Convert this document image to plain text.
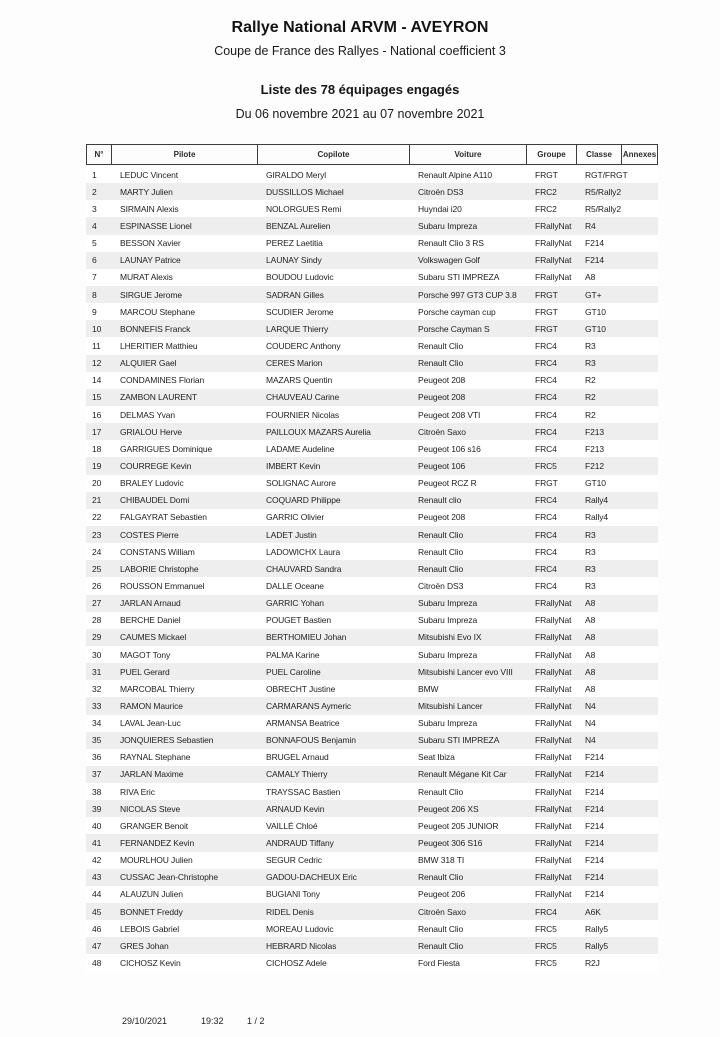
Rallye National ARVM - AVEYRON
Coupe de France des Rallyes - National coefficient 3
Liste des 78 équipages engagés
Du 06 novembre 2021 au 07 novembre 2021
N°	Pilote	Copilote	Voiture	Groupe	Classe	Annexes
1	LEDUC Vincent	GIRALDO Meryl	Renault Alpine A110	FRGT	RGT/FRGT
2	MARTY Julien	DUSSILLOS Michael	Citroën DS3	FRC2	R5/Rally2
3	SIRMAIN Alexis	NOLORGUES Remi	Huyndai i20	FRC2	R5/Rally2
4	ESPINASSE Lionel	BENZAL Aurelien	Subaru Impreza	FRallyNat	R4
5	BESSON Xavier	PEREZ Laetitia	Renault Clio 3 RS	FRallyNat	F214
6	LAUNAY Patrice	LAUNAY Sindy	Volkswagen Golf	FRallyNat	F214
7	MURAT Alexis	BOUDOU Ludovic	Subaru STI IMPREZA	FRallyNat	A8
8	SIRGUE Jerome	SADRAN Gilles	Porsche 997 GT3 CUP 3.8	FRGT	GT+
9	MARCOU Stephane	SCUDIER Jerome	Porsche cayman cup	FRGT	GT10
10	BONNEFIS Franck	LARQUE Thierry	Porsche Cayman S	FRGT	GT10
11	LHERITIER Matthieu	COUDERC Anthony	Renault Clio	FRC4	R3
12	ALQUIER Gael	CERES Marion	Renault Clio	FRC4	R3
14	CONDAMINES Florian	MAZARS Quentin	Peugeot 208	FRC4	R2
15	ZAMBON LAURENT	CHAUVEAU Carine	Peugeot 208	FRC4	R2
16	DELMAS Yvan	FOURNIER Nicolas	Peugeot 208 VTI	FRC4	R2
17	GRIALOU Herve	PAILLOUX MAZARS Aurelia	Citroën Saxo	FRC4	F213
18	GARRIGUES Dominique	LADAME Audeline	Peugeot 106 s16	FRC4	F213
19	COURREGE Kevin	IMBERT Kevin	Peugeot 106	FRC5	F212
20	BRALEY Ludovic	SOLIGNAC Aurore	Peugeot RCZ R	FRGT	GT10
21	CHIBAUDEL Domi	COQUARD Philippe	Renault clio	FRC4	Rally4
22	FALGAYRAT Sebastien	GARRIC Olivier	Peugeot 208	FRC4	Rally4
23	COSTES Pierre	LADET Justin	Renault Clio	FRC4	R3
24	CONSTANS William	LADOWICHX Laura	Renault Clio	FRC4	R3
25	LABORIE Christophe	CHAUVARD Sandra	Renault Clio	FRC4	R3
26	ROUSSON Emmanuel	DALLE Oceane	Citroën DS3	FRC4	R3
27	JARLAN Arnaud	GARRIC Yohan	Subaru Impreza	FRallyNat	A8
28	BERCHE Daniel	POUGET Bastien	Subaru Impreza	FRallyNat	A8
29	CAUMES Mickael	BERTHOMIEU Johan	Mitsubishi Evo IX	FRallyNat	A8
30	MAGOT Tony	PALMA Karine	Subaru Impreza	FRallyNat	A8
31	PUEL Gerard	PUEL Caroline	Mitsubishi Lancer evo VIII	FRallyNat	A8
32	MARCOBAL Thierry	OBRECHT Justine	BMW	FRallyNat	A8
33	RAMON Maurice	CARMARANS Aymeric	Mitsubishi Lancer	FRallyNat	N4
34	LAVAL Jean-Luc	ARMANSA Beatrice	Subaru Impreza	FRallyNat	N4
35	JONQUIERES Sebastien	BONNAFOUS Benjamin	Subaru STI IMPREZA	FRallyNat	N4
36	RAYNAL Stephane	BRUGEL Arnaud	Seat Ibiza	FRallyNat	F214
37	JARLAN Maxime	CAMALY Thierry	Renault Mégane Kit Car	FRallyNat	F214
38	RIVA Eric	TRAYSSAC Bastien	Renault Clio	FRallyNat	F214
39	NICOLAS Steve	ARNAUD Kevin	Peugeot 206 XS	FRallyNat	F214
40	GRANGER Benoit	VAILLÉ Chloé	Peugeot 205 JUNIOR	FRallyNat	F214
41	FERNANDEZ Kevin	ANDRAUD Tiffany	Peugeot 306 S16	FRallyNat	F214
42	MOURLHOU Julien	SEGUR Cedric	BMW 318 TI	FRallyNat	F214
43	CUSSAC Jean-Christophe	GADOU-DACHEUX Eric	Renault Clio	FRallyNat	F214
44	ALAUZUN Julien	BUGIANI Tony	Peugeot 206	FRallyNat	F214
45	BONNET Freddy	RIDEL Denis	Citroën Saxo	FRC4	A6K
46	LEBOIS Gabriel	MOREAU Ludovic	Renault Clio	FRC5	Rally5
47	GRES Johan	HEBRARD Nicolas	Renault Clio	FRC5	Rally5
48	CICHOSZ Kevin	CICHOSZ Adele	Ford Fiesta	FRC5	R2J
29/10/2021	19:32	1 / 2
